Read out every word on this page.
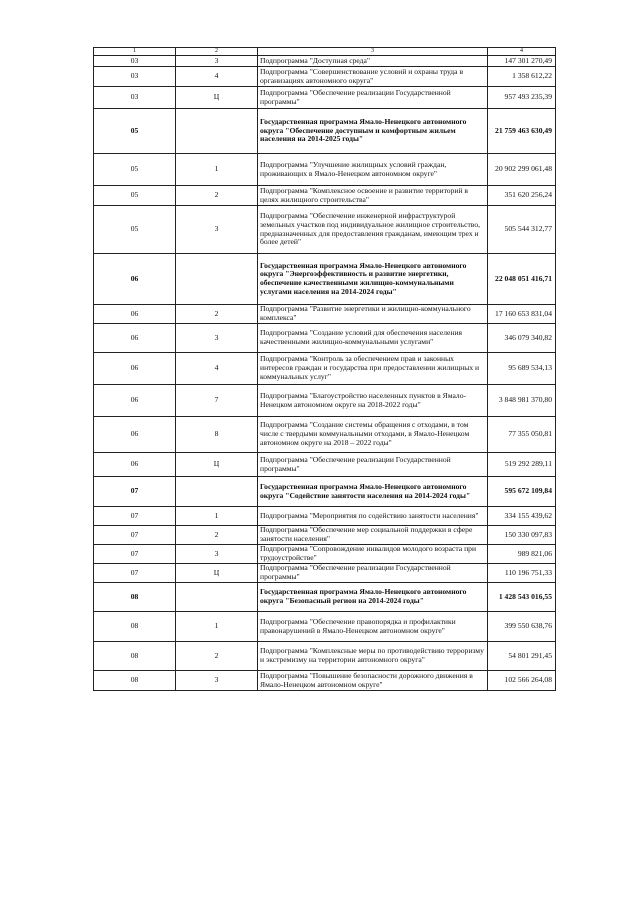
1	2	3	4
03	3	Подпрограмма "Доступная среда"	147 301 270,49
03	4	Подпрограмма "Совершенствование условий и охраны труда в организациях автономного округа"	1 358 612,22
03	Ц	Подпрограмма "Обеспечение реализации Государственной программы"	957 493 235,39
05		Государственная программа Ямало-Ненецкого автономного округа "Обеспечение доступным и комфортным жильем населения на 2014-2025 годы"	21 759 463 630,49
05	1	Подпрограмма "Улучшение жилищных условий граждан, проживающих в Ямало-Ненецком автономном округе"	20 902 299 061,48
05	2	Подпрограмма "Комплексное освоение и развитие территорий в целях жилищного строительства"	351 620 256,24
05	3	Подпрограмма "Обеспечение инженерной инфраструктурой земельных участков под индивидуальное жилищное строительство, предназначенных для предоставления гражданам, имеющим трех и более детей"	505 544 312,77
06		Государственная программа Ямало-Ненецкого автономного округа "Энергоэффективность и развитие энергетики, обеспечение качественными жилищно-коммунальными услугами населения на 2014-2024 годы"	22 048 051 416,71
06	2	Подпрограмма "Развитие энергетики и жилищно-коммунального комплекса"	17 160 653 831,04
06	3	Подпрограмма "Создание условий для обеспечения населения качественными жилищно-коммунальными услугами"	346 079 340,82
06	4	Подпрограмма "Контроль за обеспечением прав и законных интересов граждан и государства при предоставлении жилищных и коммунальных услуг"	95 689 534,13
06	7	Подпрограмма "Благоустройство населенных пунктов в Ямало-Ненецком автономном округе на 2018-2022 годы"	3 848 981 370,80
06	8	Подпрограмма "Создание системы обращения с отходами, в том числе с твердыми коммунальными отходами, в Ямало-Ненецком автономном округе на 2018 – 2022 годы"	77 355 050,81
06	Ц	Подпрограмма "Обеспечение реализации Государственной программы"	519 292 289,11
07		Государственная программа Ямало-Ненецкого автономного округа "Содействие занятости населения на 2014-2024 годы"	595 672 109,84
07	1	Подпрограмма "Мероприятия по содействию занятости населения"	334 155 439,62
07	2	Подпрограмма "Обеспечение мер социальной поддержки в сфере занятости населения"	150 330 097,83
07	3	Подпрограмма "Сопровождение инвалидов молодого возраста при трудоустройстве"	989 821,06
07	Ц	Подпрограмма "Обеспечение реализации Государственной программы"	110 196 751,33
08		Государственная программа Ямало-Ненецкого автономного округа "Безопасный регион на 2014-2024 годы"	1 428 543 016,55
08	1	Подпрограмма "Обеспечение правопорядка и профилактики правонарушений в Ямало-Ненецком автономном округе"	399 550 638,76
08	2	Подпрограмма "Комплексные меры по противодействию терроризму и экстремизму на территории автономного округа"	54 801 291,45
08	3	Подпрограмма "Повышение безопасности дорожного движения в Ямало-Ненецком автономном округе"	102 566 264,08
